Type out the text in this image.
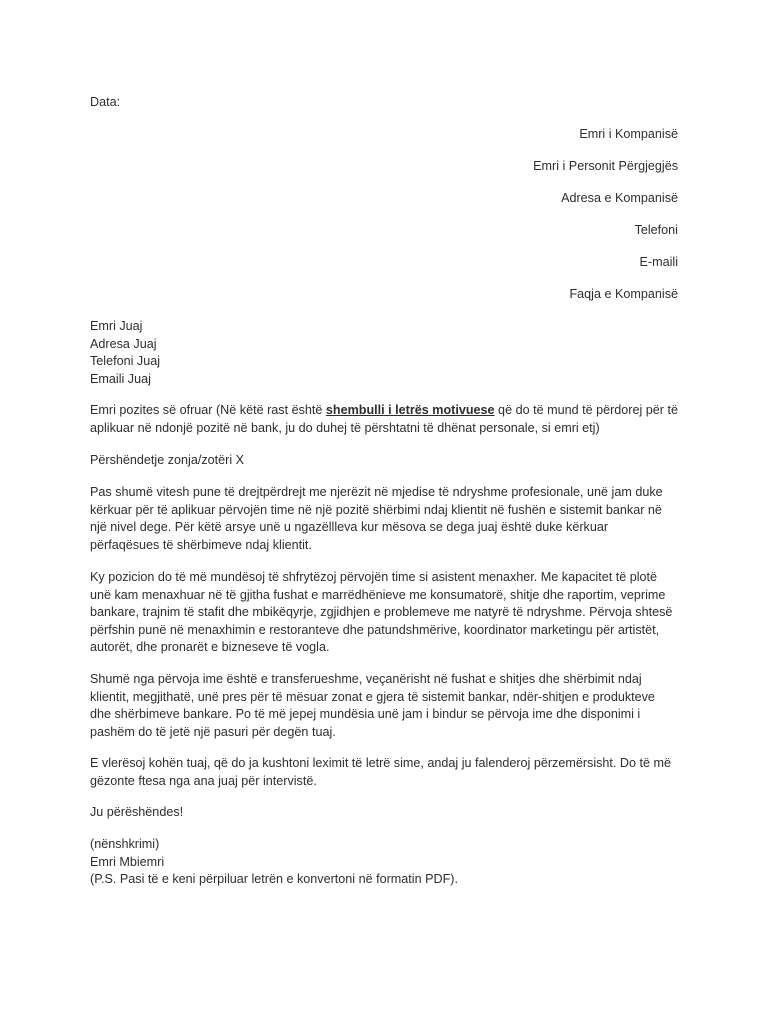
Data:

Emri i Kompanisë

Emri i Personit Përgjegjës

Adresa e Kompanisë

Telefoni

E-maili

Faqja e Kompanisë

Emri Juaj
Adresa Juaj
Telefoni Juaj
Emaili Juaj

Emri pozites së ofruar (Në këtë rast është shembulli i letrës motivuese që do të mund të përdorej për të aplikuar në ndonjë pozitë në bank, ju do duhej të përshtatni të dhënat personale, si emri etj)

Përshëndetje zonja/zotëri X

Pas shumë vitesh pune të drejtpërdrejt me njerëzit në mjedise të ndryshme profesionale, unë jam duke kërkuar për të aplikuar përvojën time në një pozitë shërbimi ndaj klientit në fushën e sistemit bankar në një nivel dege. Për këtë arsye unë u ngazëllleva kur mësova se dega juaj është duke kërkuar përfaqësues të shërbimeve ndaj klientit.

Ky pozicion do të më mundësoj të shfrytëzoj përvojën time si asistent menaxher. Me kapacitet të plotë unë kam menaxhuar në të gjitha fushat e marrëdhënieve me konsumatorë, shitje dhe raportim, veprime bankare, trajnim të stafit dhe mbikëqyrje, zgjidhjen e problemeve me natyrë të ndryshme. Përvoja shtesë përfshin punë në menaxhimin e restoranteve dhe patundshmërive, koordinator marketingu për artistët, autorët, dhe pronarët e bizneseve të vogla.

Shumë nga përvoja ime është e transferueshme, veçanërisht në fushat e shitjes dhe shërbimit ndaj klientit, megjithatë, unë pres për të mësuar zonat e gjera të sistemit bankar, ndër-shitjen e produkteve dhe shërbimeve bankare. Po të më jepej mundësia unë jam i bindur se përvoja ime dhe disponimi i pashëm do të jetë një pasuri për degën tuaj.

E vlerësoj kohën tuaj, që do ja kushtoni leximit të letrë sime, andaj ju falenderoj përzemërsisht. Do të më gëzonte ftesa nga ana juaj për intervistë.

Ju përëshëndes!

(nënshkrimi)
Emri Mbiemri
(P.S. Pasi të e keni përpiluar letrën e konvertoni në formatin PDF).
